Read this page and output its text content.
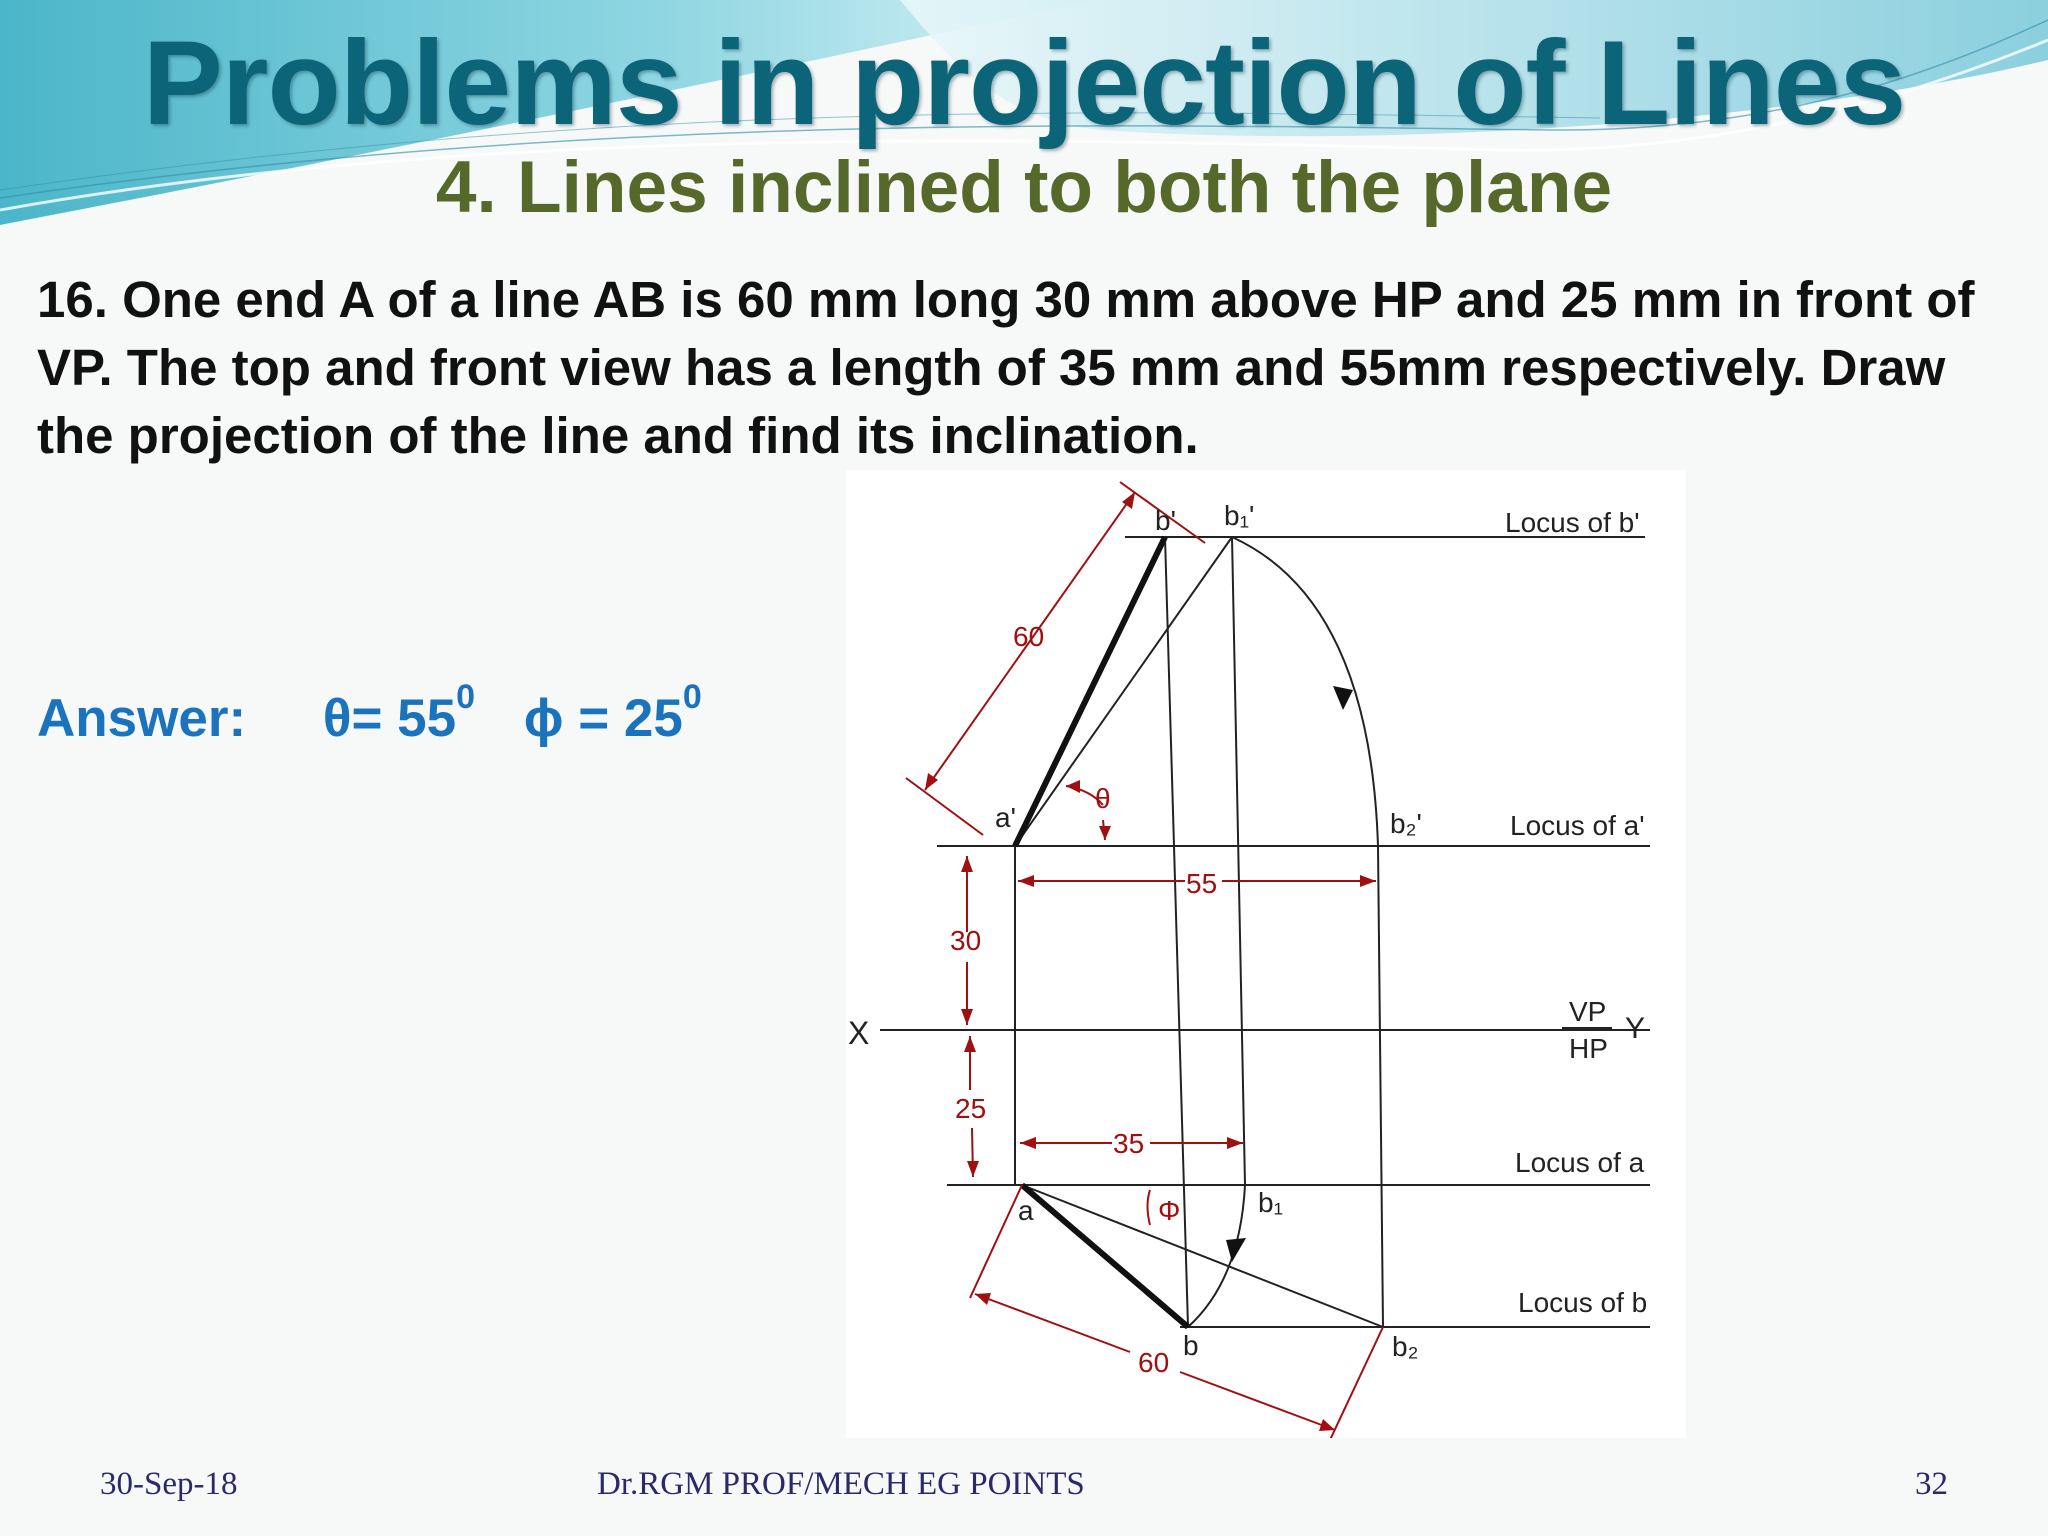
Problems in projection of Lines
4. Lines inclined to both the plane

16. One end A of a line AB is 60 mm long 30 mm above HP and 25 mm in front of VP. The top and front view has a length of 35 mm and 55mm respectively. Draw the projection of the line and find its inclination.

Answer: $\theta= 55^0$ $\phi = 25^0$
b' b₁'	Locus of b'
a'	b₂'	Locus of a'
θ
60
55
30
X
VP
HP
Y
25
35
Locus of a
a	Φ	b₁
Locus of b
b	b₂
60
30-Sep-18	Dr.RGM PROF/MECH EG POINTS	32
